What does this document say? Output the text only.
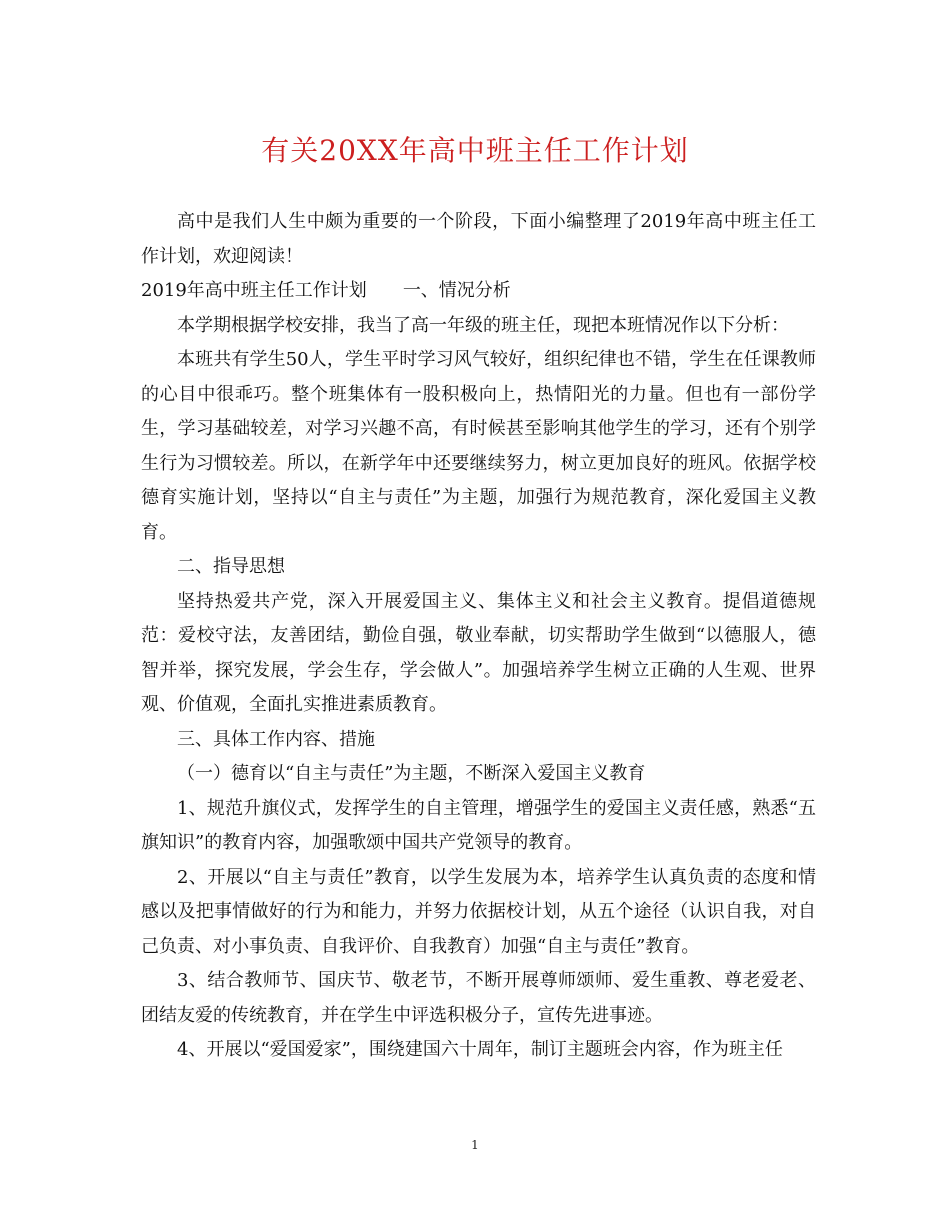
有关20XX年高中班主任工作计划

高中是我们人生中颇为重要的一个阶段，下面小编整理了2019年高中班主任工作计划，欢迎阅读！

2019年高中班主任工作计划 一、情况分析

本学期根据学校安排，我当了高一年级的班主任，现把本班情况作以下分析：

本班共有学生50人，学生平时学习风气较好，组织纪律也不错，学生在任课教师的心目中很乖巧。整个班集体有一股积极向上，热情阳光的力量。但也有一部份学生，学习基础较差，对学习兴趣不高，有时候甚至影响其他学生的学习，还有个别学生行为习惯较差。所以，在新学年中还要继续努力，树立更加良好的班风。依据学校德育实施计划，坚持以“自主与责任”为主题，加强行为规范教育，深化爱国主义教育。

二、指导思想

坚持热爱共产党，深入开展爱国主义、集体主义和社会主义教育。提倡道德规范：爱校守法，友善团结，勤俭自强，敬业奉献，切实帮助学生做到“以德服人，德智并举，探究发展，学会生存，学会做人”。加强培养学生树立正确的人生观、世界观、价值观，全面扎实推进素质教育。

三、具体工作内容、措施

（一）德育以“自主与责任”为主题，不断深入爱国主义教育

1、规范升旗仪式，发挥学生的自主管理，增强学生的爱国主义责任感，熟悉“五旗知识”的教育内容，加强歌颂中国共产党领导的教育。

2、开展以“自主与责任”教育，以学生发展为本，培养学生认真负责的态度和情感以及把事情做好的行为和能力，并努力依据校计划，从五个途径（认识自我，对自己负责、对小事负责、自我评价、自我教育）加强“自主与责任”教育。

3、结合教师节、国庆节、敬老节，不断开展尊师颂师、爱生重教、尊老爱老、团结友爱的传统教育，并在学生中评选积极分子，宣传先进事迹。

4、开展以“爱国爱家”，围绕建国六十周年，制订主题班会内容，作为班主任

1
